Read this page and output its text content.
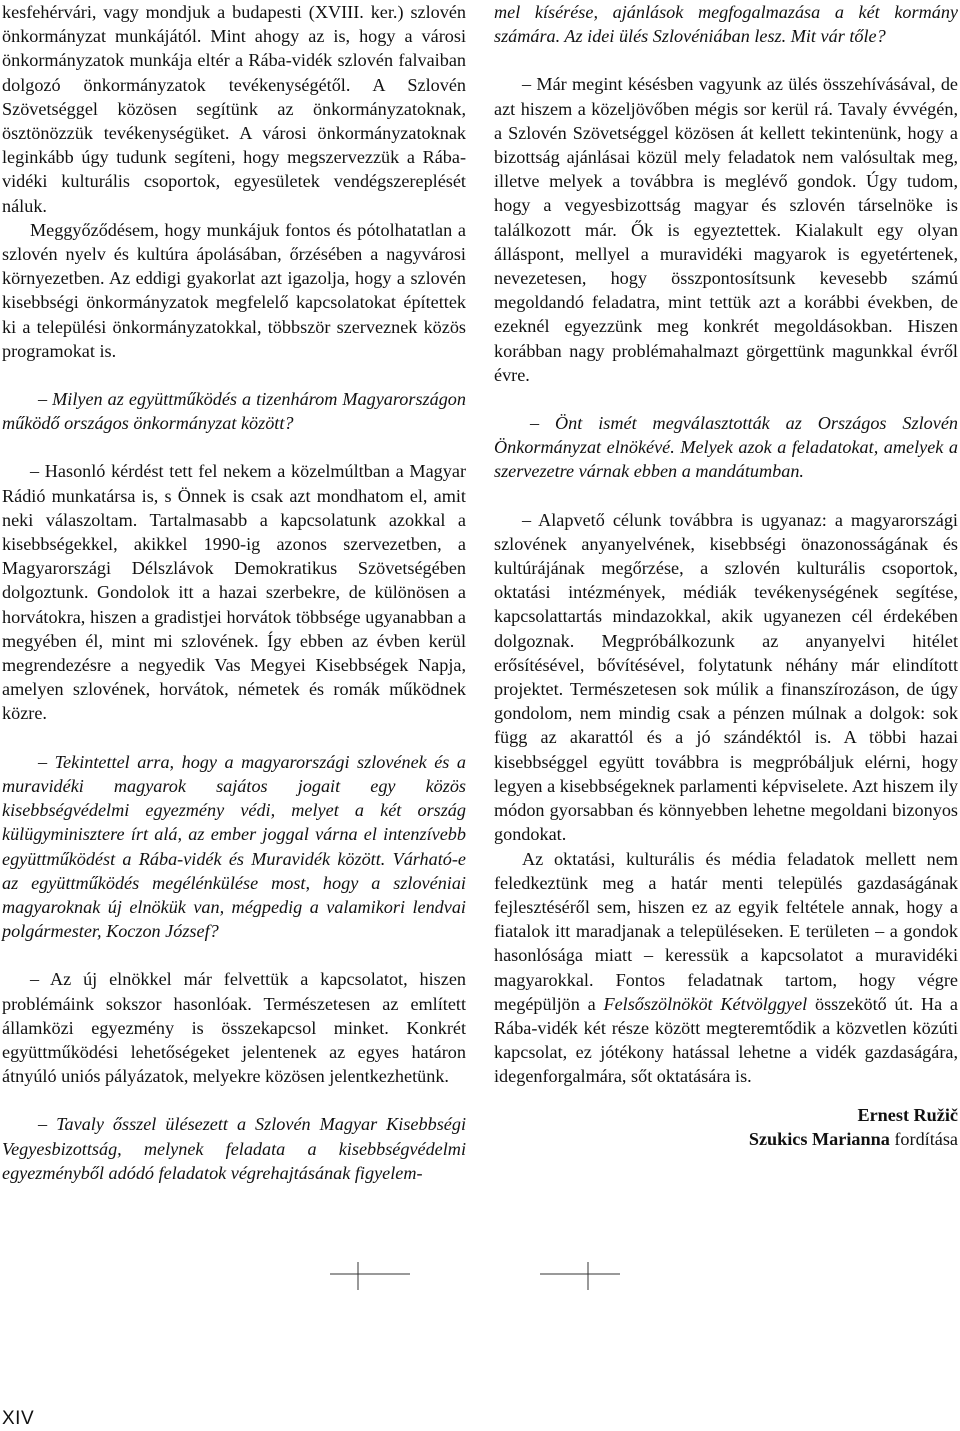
kesfehérvári, vagy mondjuk a budapesti (XVIII. ker.) szlovén önkormányzat munkájától. Mint ahogy az is, hogy a városi önkormányzatok munkája eltér a Rába-vidék szlovén falvaiban dolgozó önkormányzatok tevékenységétől. A Szlovén Szövetséggel közösen segítünk az önkormányzatoknak, ösztönözzük tevékenységüket. A városi önkormányzatoknak leginkább úgy tudunk segíteni, hogy megszervezzük a Rába-vidéki kulturális csoportok, egyesületek vendégszereplését náluk.

Meggyőződésem, hogy munkájuk fontos és pótolhatatlan a szlovén nyelv és kultúra ápolásában, őrzésében a nagyvárosi környezetben. Az eddigi gyakorlat azt igazolja, hogy a szlovén kisebbségi önkormányzatok megfelelő kapcsolatokat építettek ki a települési önkormányzatokkal, többször szerveznek közös programokat is.

– Milyen az együttműködés a tizenhárom Magyarországon működő országos önkormányzat között?

– Hasonló kérdést tett fel nekem a közelmúltban a Magyar Rádió munkatársa is, s Önnek is csak azt mondhatom el, amit neki válaszoltam. Tartalmasabb a kapcsolatunk azokkal a kisebbségekkel, akikkel 1990-ig azonos szervezetben, a Magyarországi Délszlávok Demokratikus Szövetségében dolgoztunk. Gondolok itt a hazai szerbekre, de különösen a horvátokra, hiszen a gradistjei horvátok többsége ugyanabban a megyében él, mint mi szlovének. Így ebben az évben kerül megrendezésre a negyedik Vas Megyei Kisebbségek Napja, amelyen szlovének, horvátok, németek és romák működnek közre.

– Tekintettel arra, hogy a magyarországi szlovének és a muravidéki magyarok sajátos jogait egy közös kisebbségvédelmi egyezmény védi, melyet a két ország külügyminisztere írt alá, az ember joggal várna el intenzívebb együttműködést a Rába-vidék és Muravidék között. Várható-e az együttműködés megélénkülése most, hogy a szlovéniai magyaroknak új elnökük van, mégpedig a valamikori lendvai polgármester, Koczon József?

– Az új elnökkel már felvettük a kapcsolatot, hiszen problémáink sokszor hasonlóak. Természetesen az említett államközi egyezmény is összekapcsol minket. Konkrét együttműködési lehetőségeket jelentenek az egyes határon átnyúló uniós pályázatok, melyekre közösen jelentkezhetünk.

– Tavaly ősszel ülésezett a Szlovén Magyar Kisebbségi Vegyesbizottság, melynek feladata a kisebbségvédelmi egyezményből adódó feladatok végrehajtásának figyelem-

mel kísérése, ajánlások megfogalmazása a két kormány számára. Az idei ülés Szlovéniában lesz. Mit vár tőle?

– Már megint késésben vagyunk az ülés összehívásával, de azt hiszem a közeljövőben mégis sor kerül rá. Tavaly évvégén, a Szlovén Szövetséggel közösen át kellett tekintenünk, hogy a bizottság ajánlásai közül mely feladatok nem valósultak meg, illetve melyek a továbbra is meglévő gondok. Úgy tudom, hogy a vegyesbizottság magyar és szlovén társelnöke is találkozott már. Ők is egyeztettek. Kialakult egy olyan álláspont, mellyel a muravidéki magyarok is egyetértenek, nevezetesen, hogy összpontosítsunk kevesebb számú megoldandó feladatra, mint tettük azt a korábbi években, de ezeknél egyezzünk meg konkrét megoldásokban. Hiszen korábban nagy problémahalmazt görgettünk magunkkal évről évre.

– Önt ismét megválasztották az Országos Szlovén Önkormányzat elnökévé. Melyek azok a feladatokat, amelyek a szervezetre várnak ebben a mandátumban.

– Alapvető célunk továbbra is ugyanaz: a magyarországi szlovének anyanyelvének, kisebbségi önazonosságának és kultúrájának megőrzése, a szlovén kulturális csoportok, oktatási intézmények, médiák tevékenységének segítése, kapcsolattartás mindazokkal, akik ugyanezen cél érdekében dolgoznak. Megpróbálkozunk az anyanyelvi hitélet erősítésével, bővítésével, folytatunk néhány már elindított projektet. Természetesen sok múlik a finanszírozáson, de úgy gondolom, nem mindig csak a pénzen múlnak a dolgok: sok függ az akarattól és a jó szándéktól is. A többi hazai kisebbséggel együtt továbbra is megpróbáljuk elérni, hogy legyen a kisebbségeknek parlamenti képviselete. Azt hiszem ily módon gyorsabban és könnyebben lehetne megoldani bizonyos gondokat.

Az oktatási, kulturális és média feladatok mellett nem feledkeztünk meg a határ menti település gazdaságának fejlesztéséről sem, hiszen ez az egyik feltétele annak, hogy a fiatalok itt maradjanak a településeken. E területen – a gondok hasonlósága miatt – keressük a kapcsolatot a muravidéki magyarokkal. Fontos feladatnak tartom, hogy végre megépüljön a Felsőszölnököt Kétvölggyel összekötő út. Ha a Rába-vidék két része között megteremtődik a közvetlen közúti kapcsolat, ez jótékony hatással lehetne a vidék gazdaságára, idegenforgalmára, sőt oktatására is.

Ernest Ružič
Szukics Marianna fordítása
XIV
